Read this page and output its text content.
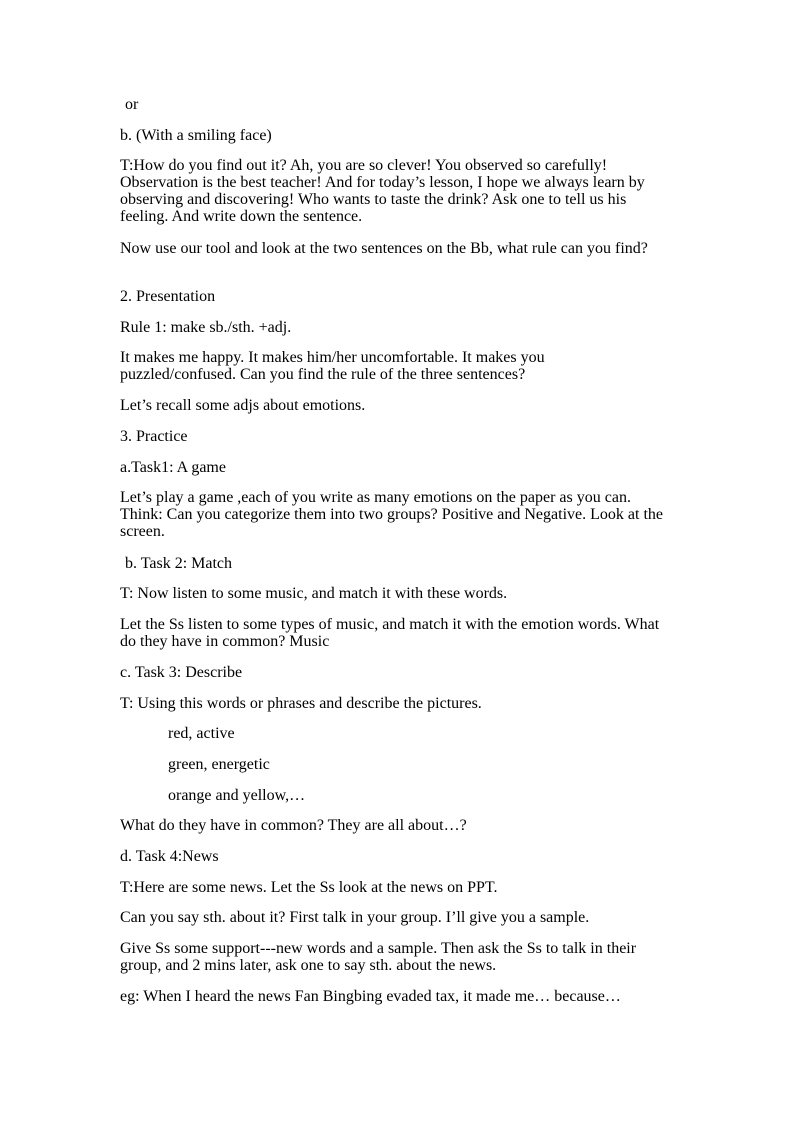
or

b. (With a smiling face)

T:How do you find out it? Ah, you are so clever! You observed so carefully! Observation is the best teacher! And for today’s lesson, I hope we always learn by observing and discovering! Who wants to taste the drink? Ask one to tell us his feeling. And write down the sentence.

Now use our tool and look at the two sentences on the Bb, what rule can you find?

2. Presentation

Rule 1: make sb./sth. +adj.

It makes me happy. It makes him/her uncomfortable. It makes you puzzled/confused. Can you find the rule of the three sentences?

Let’s recall some adjs about emotions.

3. Practice

a.Task1: A game

Let’s play a game ,each of you write as many emotions on the paper as you can. Think: Can you categorize them into two groups? Positive and Negative. Look at the screen.

b. Task 2: Match

T: Now listen to some music, and match it with these words.

Let the Ss listen to some types of music, and match it with the emotion words. What do they have in common? Music

c. Task 3: Describe

T: Using this words or phrases and describe the pictures.

red, active

green, energetic

orange and yellow,…

What do they have in common? They are all about…?

d. Task 4:News

T:Here are some news. Let the Ss look at the news on PPT.

Can you say sth. about it? First talk in your group. I’ll give you a sample.

Give Ss some support---new words and a sample. Then ask the Ss to talk in their group, and 2 mins later, ask one to say sth. about the news.

eg: When I heard the news Fan Bingbing evaded tax, it made me… because…
